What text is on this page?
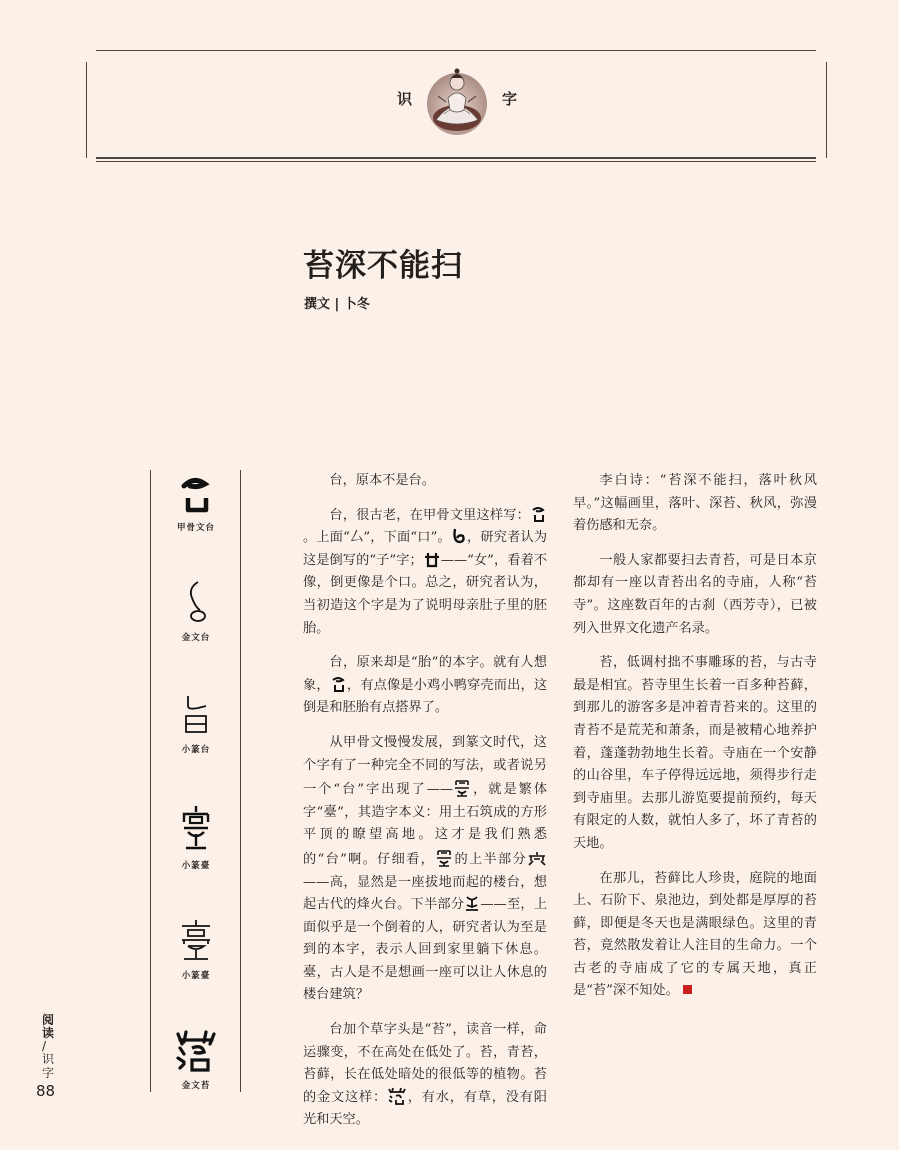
识	字
苔深不能扫
撰文 | 卜冬
甲骨文台
金文台
小篆台
小篆臺
小篆臺
金文苔
阅读
/
识字
88

台，原本不是台。

台，很古老，在甲骨文里这样写：。上面“厶”，下面“口”。 ，研究者认为这是倒写的“子”字； ——“女”，看着不像，倒更像是个口。总之，研究者认为，当初造这个字是为了说明母亲肚子里的胚胎。

台，原来却是“胎”的本字。就有人想象， ，有点像是小鸡小鸭穿壳而出，这倒是和胚胎有点搭界了。

从甲骨文慢慢发展，到篆文时代，这个字有了一种完全不同的写法，或者说另一个“台”字出现了—— ，就是繁体字“臺”，其造字本义：用土石筑成的方形平顶的瞭望高地。这才是我们熟悉的“台”啊。仔细看， 的上半部分——高，显然是一座拔地而起的楼台，想起古代的烽火台。下半部分 ——至，上面似乎是一个倒着的人，研究者认为至是到的本字，表示人回到家里躺下休息。臺，古人是不是想画一座可以让人休息的楼台建筑？

台加个草字头是“苔”，读音一样，命运骤变，不在高处在低处了。苔，青苔，苔藓，长在低处暗处的很低等的植物。苔的金文这样： ，有水，有草，没有阳光和天空。

李白诗：“苔深不能扫，落叶秋风早。”这幅画里，落叶、深苔、秋风，弥漫着伤感和无奈。

一般人家都要扫去青苔，可是日本京都却有一座以青苔出名的寺庙，人称“苔寺”。这座数百年的古刹（西芳寺），已被列入世界文化遗产名录。

苔，低调村拙不事雕琢的苔，与古寺最是相宜。苔寺里生长着一百多种苔藓，到那儿的游客多是冲着青苔来的。这里的青苔不是荒芜和萧条，而是被精心地养护着，蓬蓬勃勃地生长着。寺庙在一个安静的山谷里，车子停得远远地，须得步行走到寺庙里。去那儿游览要提前预约，每天有限定的人数，就怕人多了，坏了青苔的天地。

在那儿，苔藓比人珍贵，庭院的地面上、石阶下、泉池边，到处都是厚厚的苔藓，即便是冬天也是满眼绿色。这里的青苔，竟然散发着让人注目的生命力。一个古老的寺庙成了它的专属天地，真正是“苔”深不知处。
